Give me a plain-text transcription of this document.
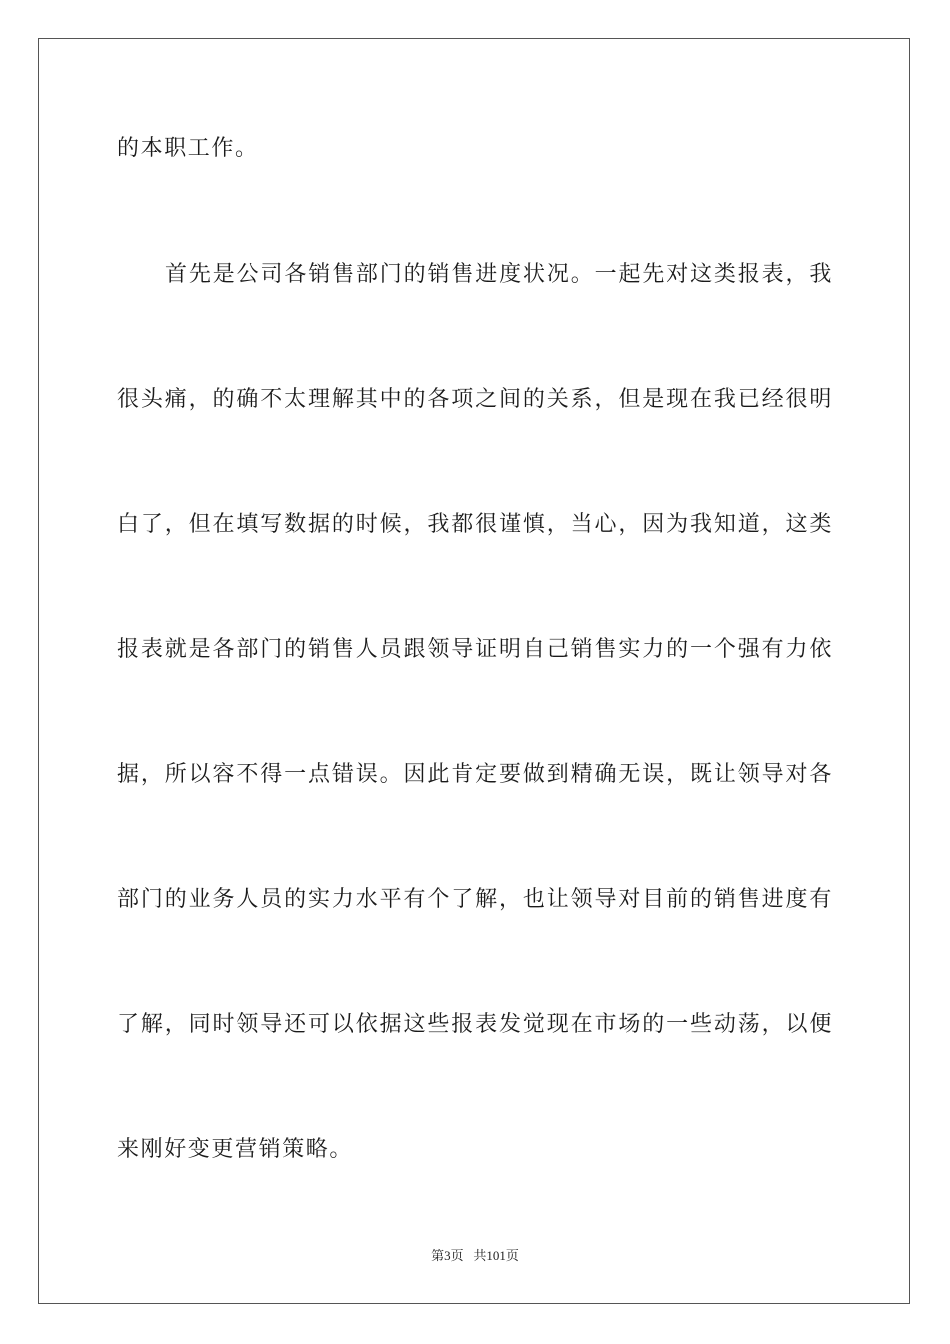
的本职工作。
首先是公司各销售部门的销售进度状况。一起先对这类报表，我
很头痛，的确不太理解其中的各项之间的关系，但是现在我已经很明
白了，但在填写数据的时候，我都很谨慎，当心，因为我知道，这类
报表就是各部门的销售人员跟领导证明自己销售实力的一个强有力依
据，所以容不得一点错误。因此肯定要做到精确无误，既让领导对各
部门的业务人员的实力水平有个了解，也让领导对目前的销售进度有
了解，同时领导还可以依据这些报表发觉现在市场的一些动荡，以便
来刚好变更营销策略。
第3页 共101页
